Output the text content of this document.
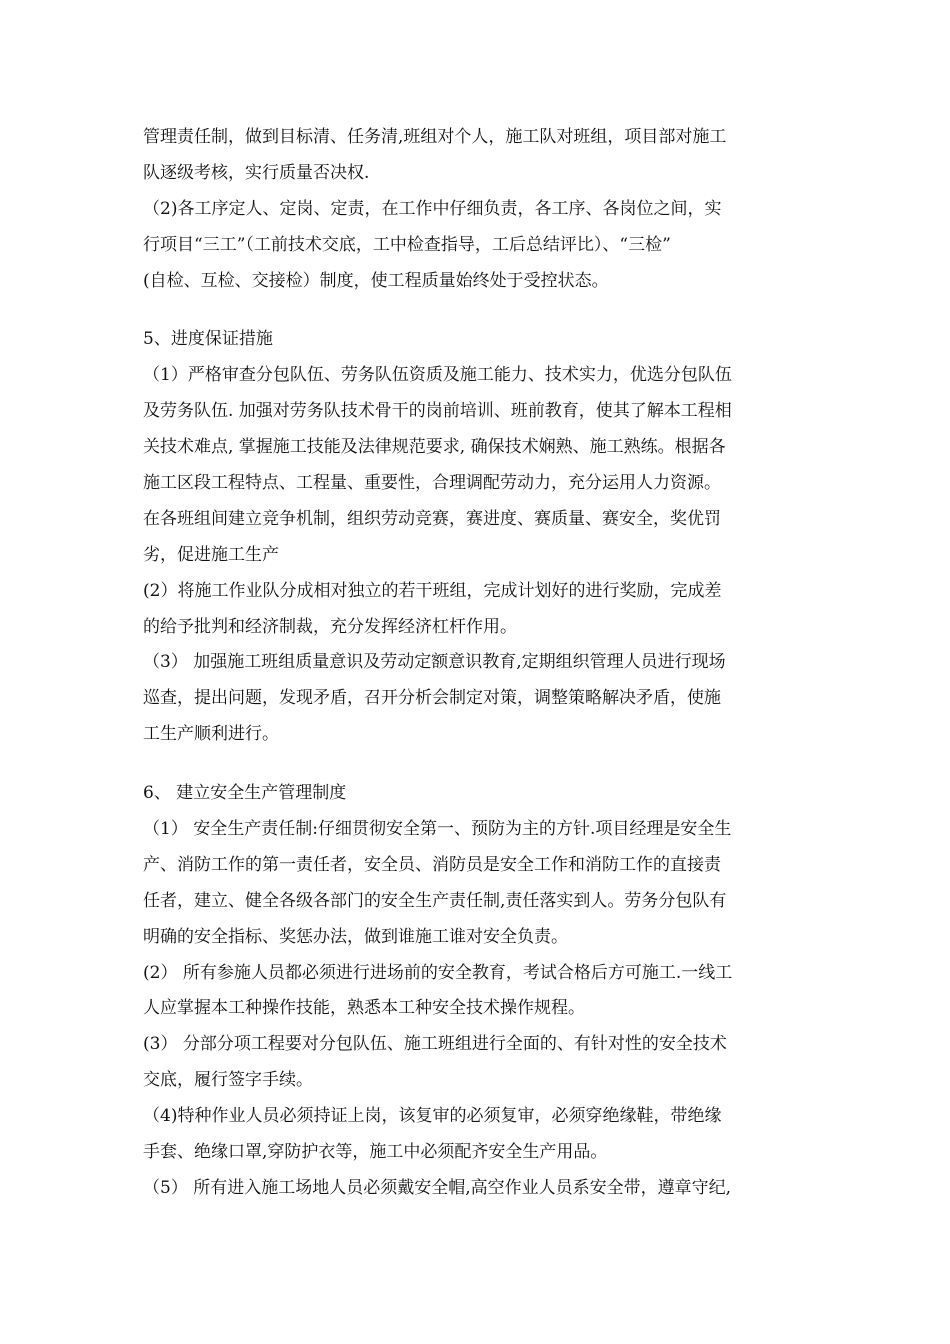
管理责任制，做到目标清、任务清,班组对个人，施工队对班组，项目部对施工
队逐级考核，实行质量否决权.
（2)各工序定人、定岗、定责，在工作中仔细负责，各工序、各岗位之间，实
行项目“三工”（工前技术交底，工中检查指导，工后总结评比）、“三检”
(自检、互检、交接检）制度，使工程质量始终处于受控状态。
5、进度保证措施
（1）严格审查分包队伍、劳务队伍资质及施工能力、技术实力，优选分包队伍
及劳务队伍. 加强对劳务队技术骨干的岗前培训、班前教育，使其了解本工程相
关技术难点, 掌握施工技能及法律规范要求, 确保技术娴熟、施工熟练。根据各
施工区段工程特点、工程量、重要性，合理调配劳动力，充分运用人力资源。
在各班组间建立竞争机制，组织劳动竞赛，赛进度、赛质量、赛安全，奖优罚
劣，促进施工生产
(2）将施工作业队分成相对独立的若干班组，完成计划好的进行奖励，完成差
的给予批判和经济制裁，充分发挥经济杠杆作用。
（3） 加强施工班组质量意识及劳动定额意识教育,定期组织管理人员进行现场
巡查，提出问题，发现矛盾，召开分析会制定对策，调整策略解决矛盾，使施
工生产顺利进行。
6、 建立安全生产管理制度
（1） 安全生产责任制:仔细贯彻安全第一、预防为主的方针.项目经理是安全生
产、消防工作的第一责任者，安全员、消防员是安全工作和消防工作的直接责
任者，建立、健全各级各部门的安全生产责任制,责任落实到人。劳务分包队有
明确的安全指标、奖惩办法，做到谁施工谁对安全负责。
(2） 所有参施人员都必须进行进场前的安全教育，考试合格后方可施工.一线工
人应掌握本工种操作技能，熟悉本工种安全技术操作规程。
(3） 分部分项工程要对分包队伍、施工班组进行全面的、有针对性的安全技术
交底，履行签字手续。
（4)特种作业人员必须持证上岗，该复审的必须复审，必须穿绝缘鞋，带绝缘
手套、绝缘口罩,穿防护衣等，施工中必须配齐安全生产用品。
（5） 所有进入施工场地人员必须戴安全帽,高空作业人员系安全带，遵章守纪,
